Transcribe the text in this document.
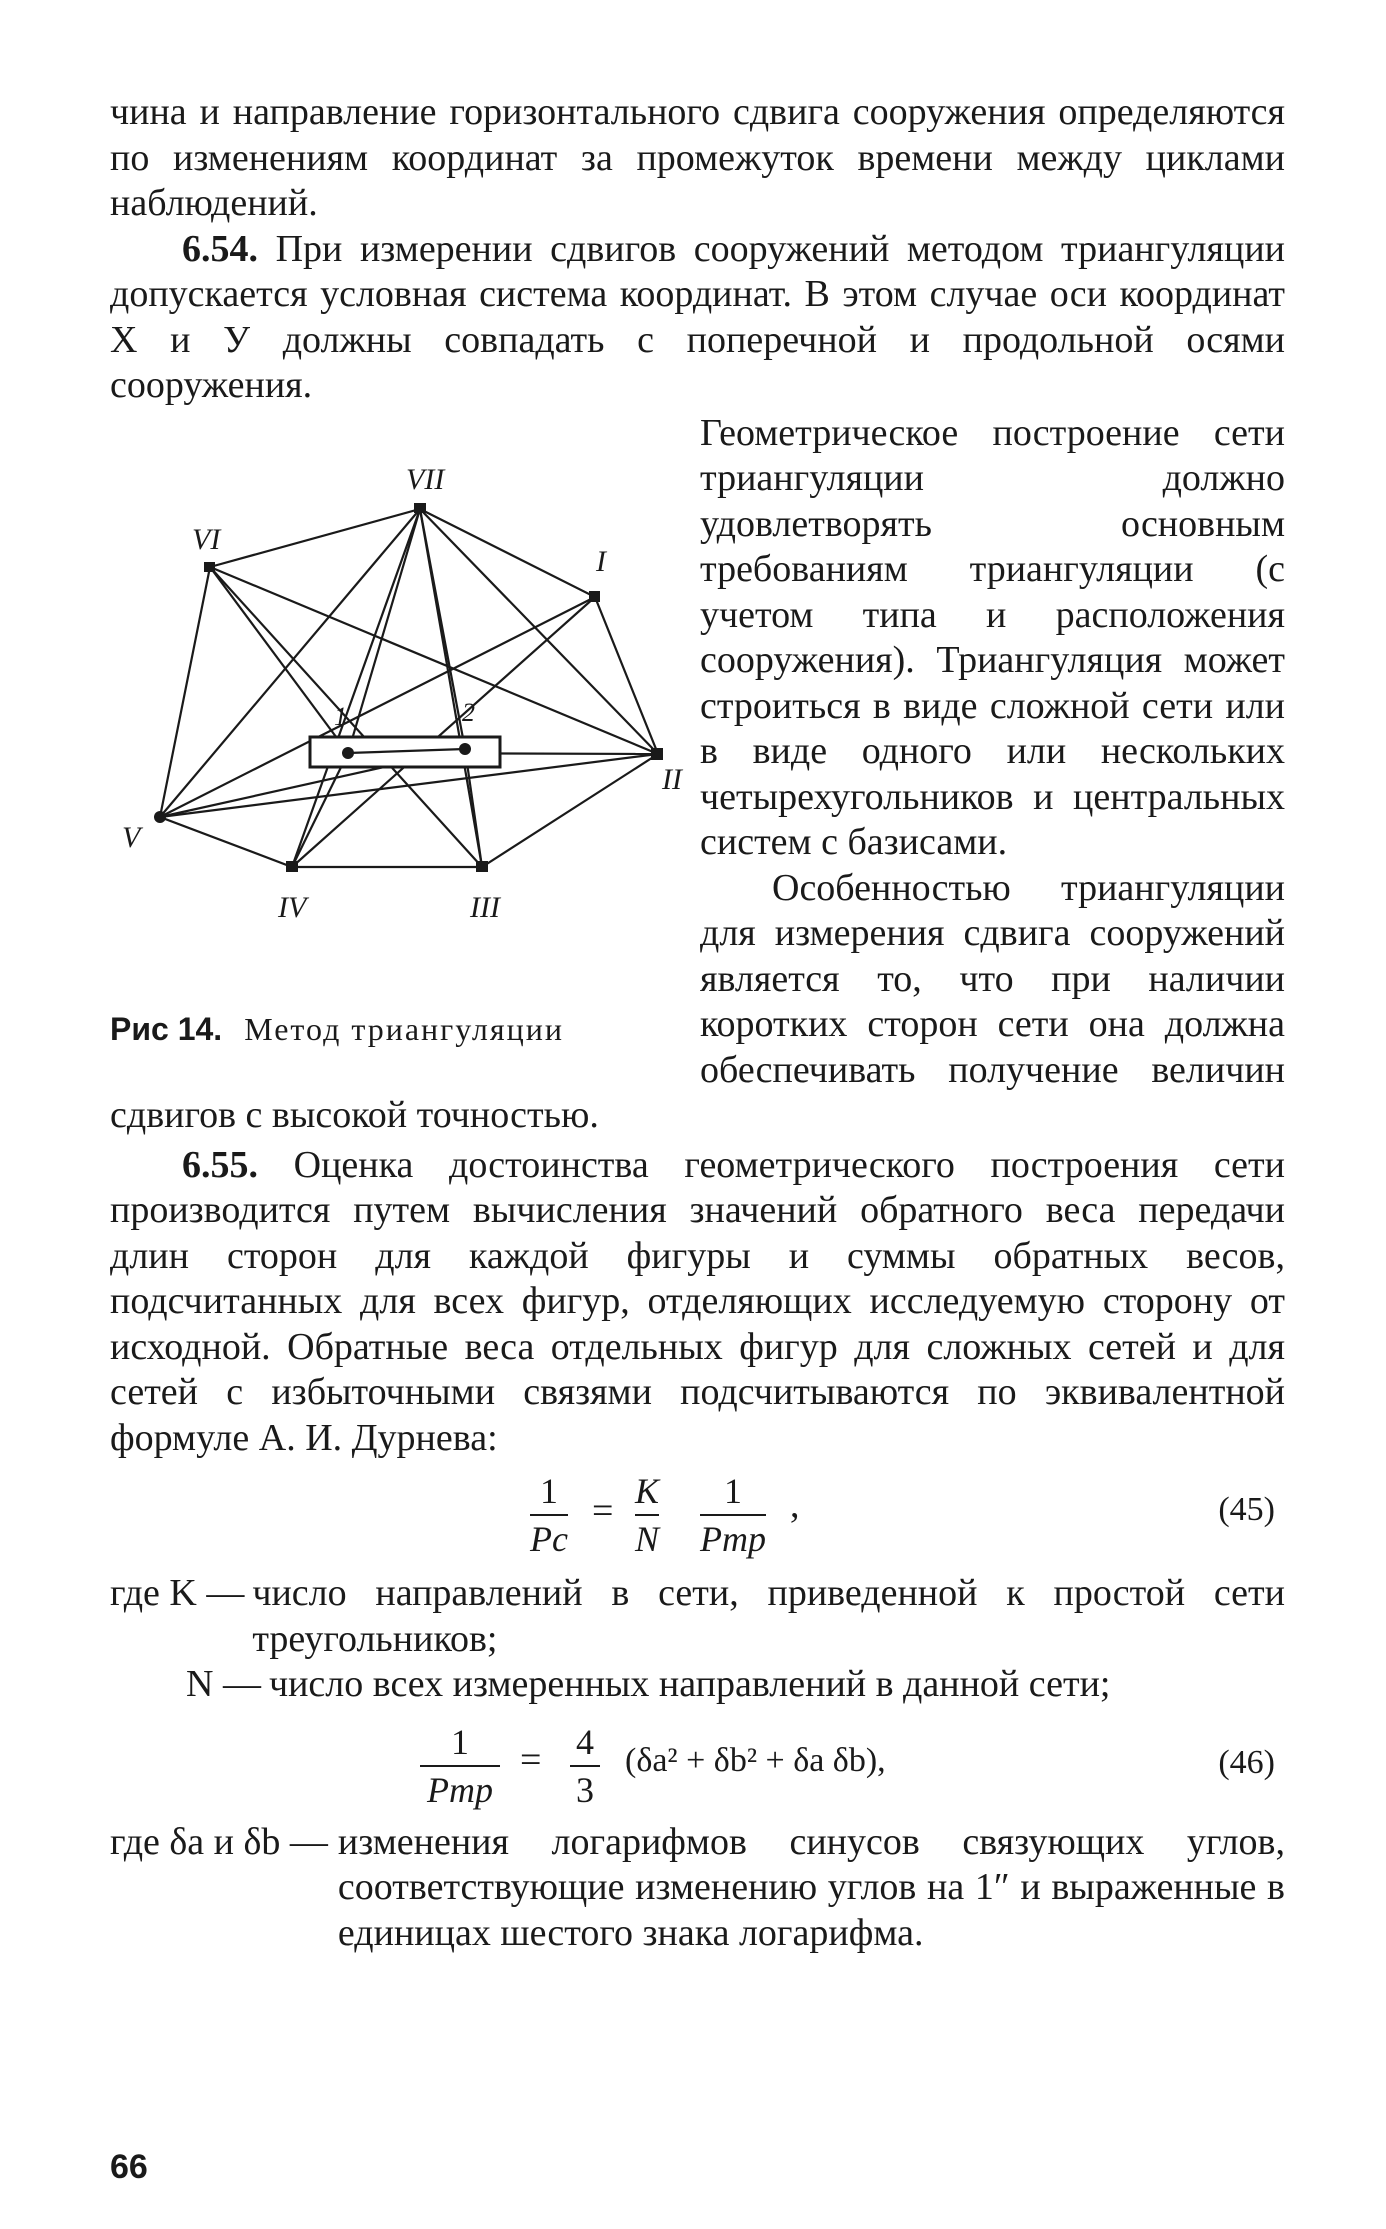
чина и направление горизонтального сдвига сооружения определяются по изменениям координат за промежуток времени между циклами наблюдений.

6.54. При измерении сдвигов сооружений методом триангуляции допускается условная система координат. В этом случае оси координат X и У должны совпадать с поперечной и продольной осями сооружения.

VII
VI
I
II
V
IV	III
1	2
Рис 14. Метод триангуляции

Геометрическое построение сети триангуляции должно удовлетворять основным требованиям триангуляции (с учетом типа и расположения сооружения). Триангуляция может строиться в виде сложной сети или в виде одного или нескольких четырехугольников и центральных систем с базисами.

Особенностью триангуляции для измерения сдвига сооружений является то, что при наличии коротких сторон сети она должна обеспечивать получение величин сдвигов с высокой точностью.

6.55. Оценка достоинства геометрического построения сети производится путем вычисления значений обратного веса передачи длин сторон для каждой фигуры и суммы обратных весов, подсчитанных для всех фигур, отделяющих исследуемую сторону от исходной. Обратные веса отдельных фигур для сложных сетей и для сетей с избыточными связями подсчитываются по эквивалентной формуле А. И. Дурнева:

1
Pc
= K
N
1
Pтр
,	(45)
где K — число направлений в сети, приведенной к простой сети треугольников;
N — число всех измеренных направлений в данной сети;
1
Pтр
= 4
3
(δa² + δb² + δa δb),	(46)
где δa и δb — изменения логарифмов синусов связующих углов, соответствующие изменению углов на 1″ и выраженные в единицах шестого знака логарифма.
66
